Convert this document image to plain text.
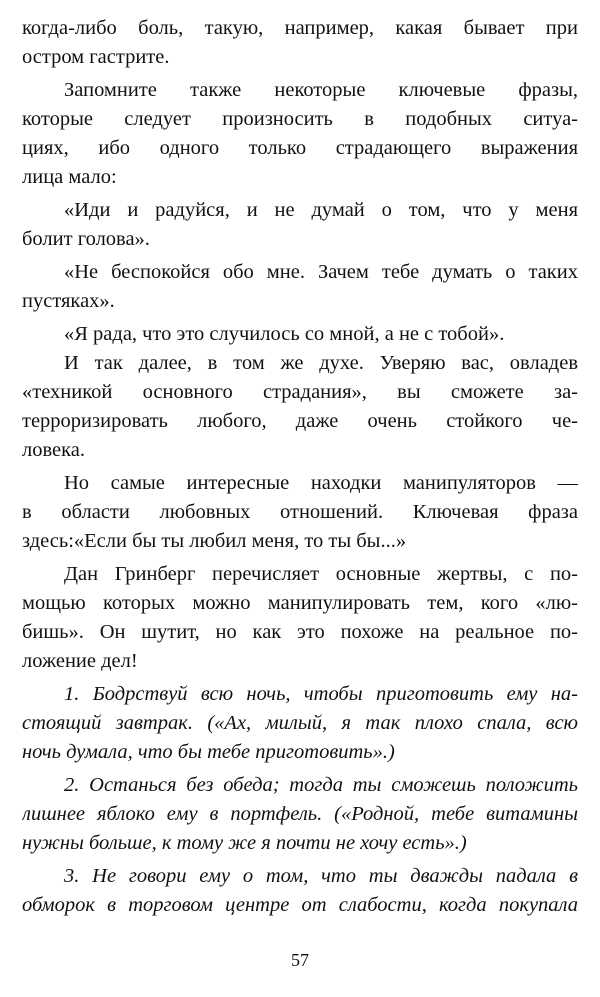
когда-либо боль, такую, например, какая бывает при
остром гастрите.
Запомните также некоторые ключевые фразы,
которые следует произносить в подобных ситуа-
циях, ибо одного только страдающего выражения
лица мало:
«Иди и радуйся, и не думай о том, что у меня
болит голова».
«Не беспокойся обо мне. Зачем тебе думать о таких
пустяках».
«Я рада, что это случилось со мной, а не с тобой».
И так далее, в том же духе. Уверяю вас, овладев
«техникой основного страдания», вы сможете за-
терроризировать любого, даже очень стойкого че-
ловека.
Но самые интересные находки манипуляторов —
в области любовных отношений. Ключевая фраза
здесь:«Если бы ты любил меня, то ты бы...»
Дан Гринберг перечисляет основные жертвы, с по-
мощью которых можно манипулировать тем, кого «лю-
бишь». Он шутит, но как это похоже на реальное по-
ложение дел!
1. Бодрствуй всю ночь, чтобы приготовить ему на-
стоящий завтрак. («Ах, милый, я так плохо спала, всю
ночь думала, что бы тебе приготовить».)
2. Останься без обеда; тогда ты сможешь положить
лишнее яблоко ему в портфель. («Родной, тебе витамины
нужны больше, к тому же я почти не хочу есть».)
3. Не говори ему о том, что ты дважды падала в
обморок в торговом центре от слабости, когда покупала
57
